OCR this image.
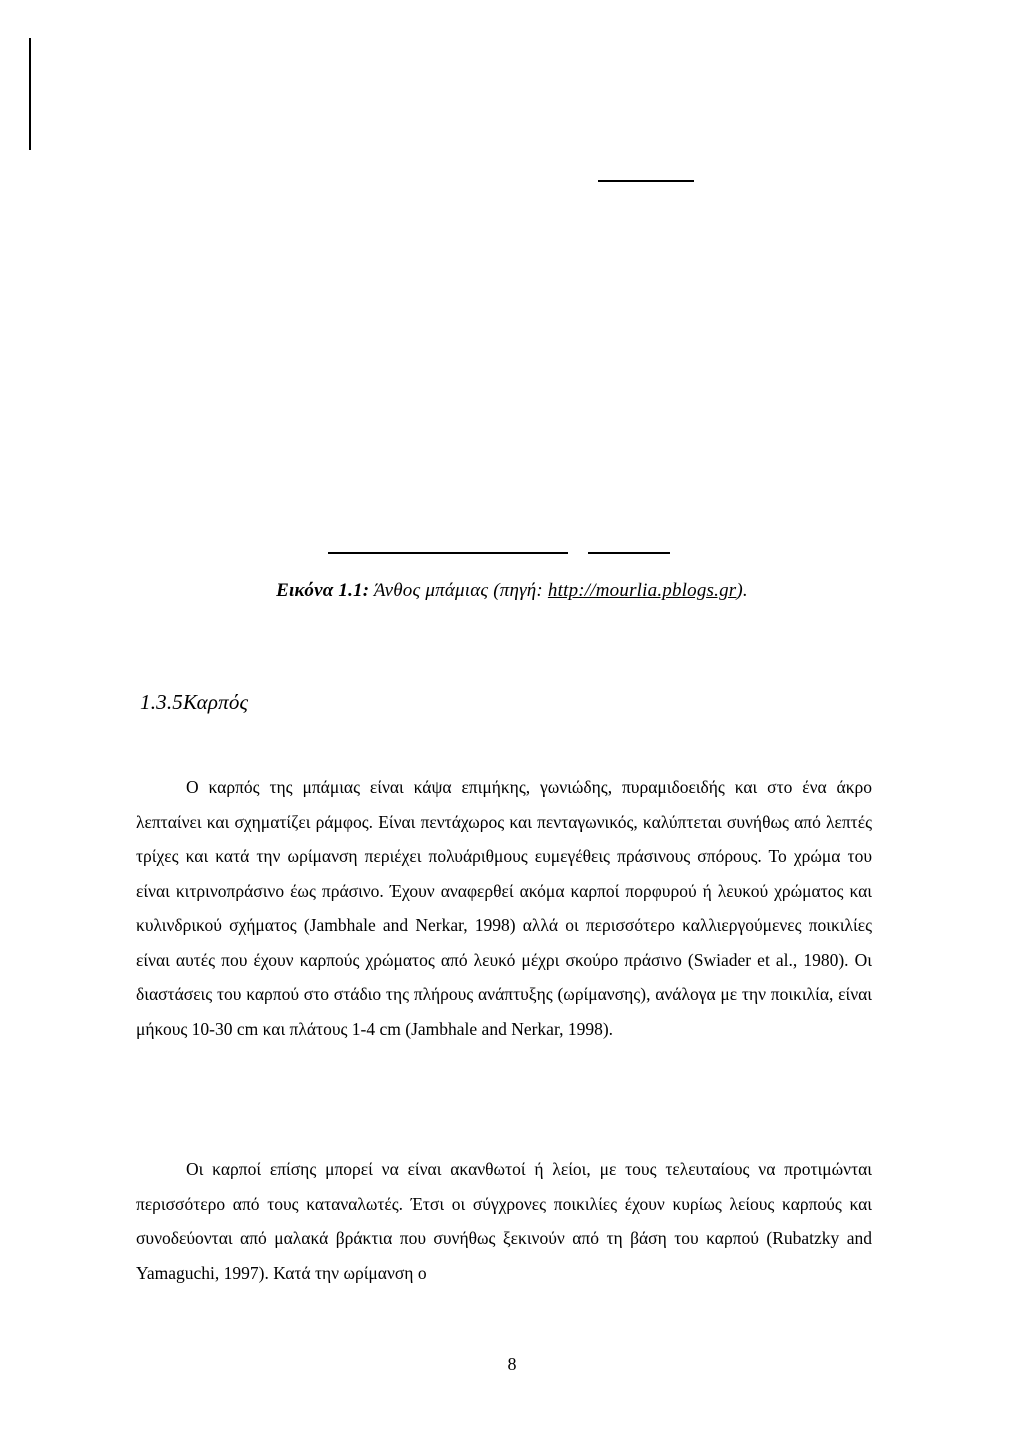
Εικόνα 1.1: Άνθος μπάμιας (πηγή: http://mourlia.pblogs.gr).
1.3.5Καρπός

Ο καρπός της μπάμιας είναι κάψα επιμήκης, γωνιώδης, πυραμιδοειδής και στο ένα άκρο λεπταίνει και σχηματίζει ράμφος. Είναι πεντάχωρος και πενταγωνικός, καλύπτεται συνήθως από λεπτές τρίχες και κατά την ωρίμανση περιέχει πολυάριθμους ευμεγέθεις πράσινους σπόρους. Το χρώμα του είναι κιτρινοπράσινο έως πράσινο. Έχουν αναφερθεί ακόμα καρποί πορφυρού ή λευκού χρώματος και κυλινδρικού σχήματος (Jambhale and Nerkar, 1998) αλλά οι περισσότερο καλλιεργούμενες ποικιλίες είναι αυτές που έχουν καρπούς χρώματος από λευκό μέχρι σκούρο πράσινο (Swiader et al., 1980). Οι διαστάσεις του καρπού στο στάδιο της πλήρους ανάπτυξης (ωρίμανσης), ανάλογα με την ποικιλία, είναι μήκους 10-30 cm και πλάτους 1-4 cm (Jambhale and Nerkar, 1998).

Οι καρποί επίσης μπορεί να είναι ακανθωτοί ή λείοι, με τους τελευταίους να προτιμώνται περισσότερο από τους καταναλωτές. Έτσι οι σύγχρονες ποικιλίες έχουν κυρίως λείους καρπούς και συνοδεύονται από μαλακά βράκτια που συνήθως ξεκινούν από τη βάση του καρπού (Rubatzky and Yamaguchi, 1997). Κατά την ωρίμανση ο

8
